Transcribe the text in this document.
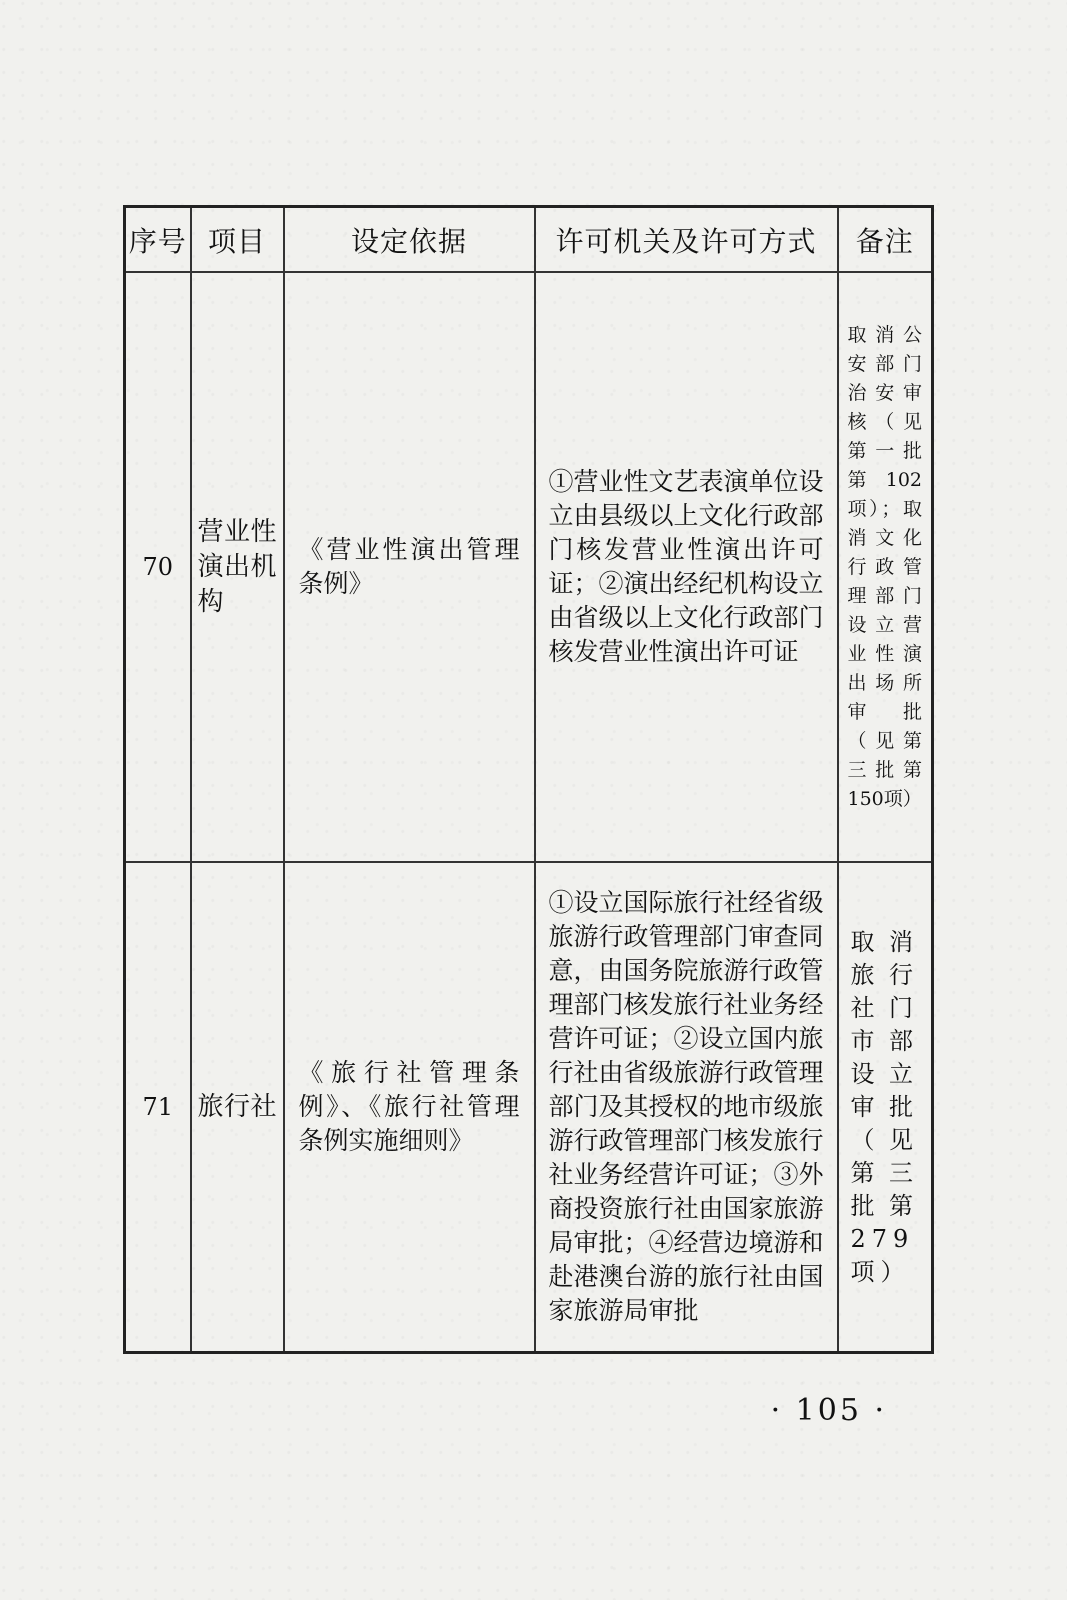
序号	项目	设定依据	许可机关及许可方式	备注
70	营业性演出机构	《营业性演出管理条例》	①营业性文艺表演单位设立由县级以上文化行政部门核发营业性演出许可证；②演出经纪机构设立由省级以上文化行政部门核发营业性演出许可证	取消公安部门治安审核（见第一批第102项）；取消文化行政管理部门设立营业性演出场所审批（见第三批第150项）
71	旅行社	《旅行社管理条例》、《旅行社管理条例实施细则》	①设立国际旅行社经省级旅游行政管理部门审查同意，由国务院旅游行政管理部门核发旅行社业务经营许可证；②设立国内旅行社由省级旅游行政管理部门及其授权的地市级旅游行政管理部门核发旅行社业务经营许可证；③外商投资旅行社由国家旅游局审批；④经营边境游和赴港澳台游的旅行社由国家旅游局审批	取消旅行社门市部设立审批（见第三批第279项）
· 105 ·
